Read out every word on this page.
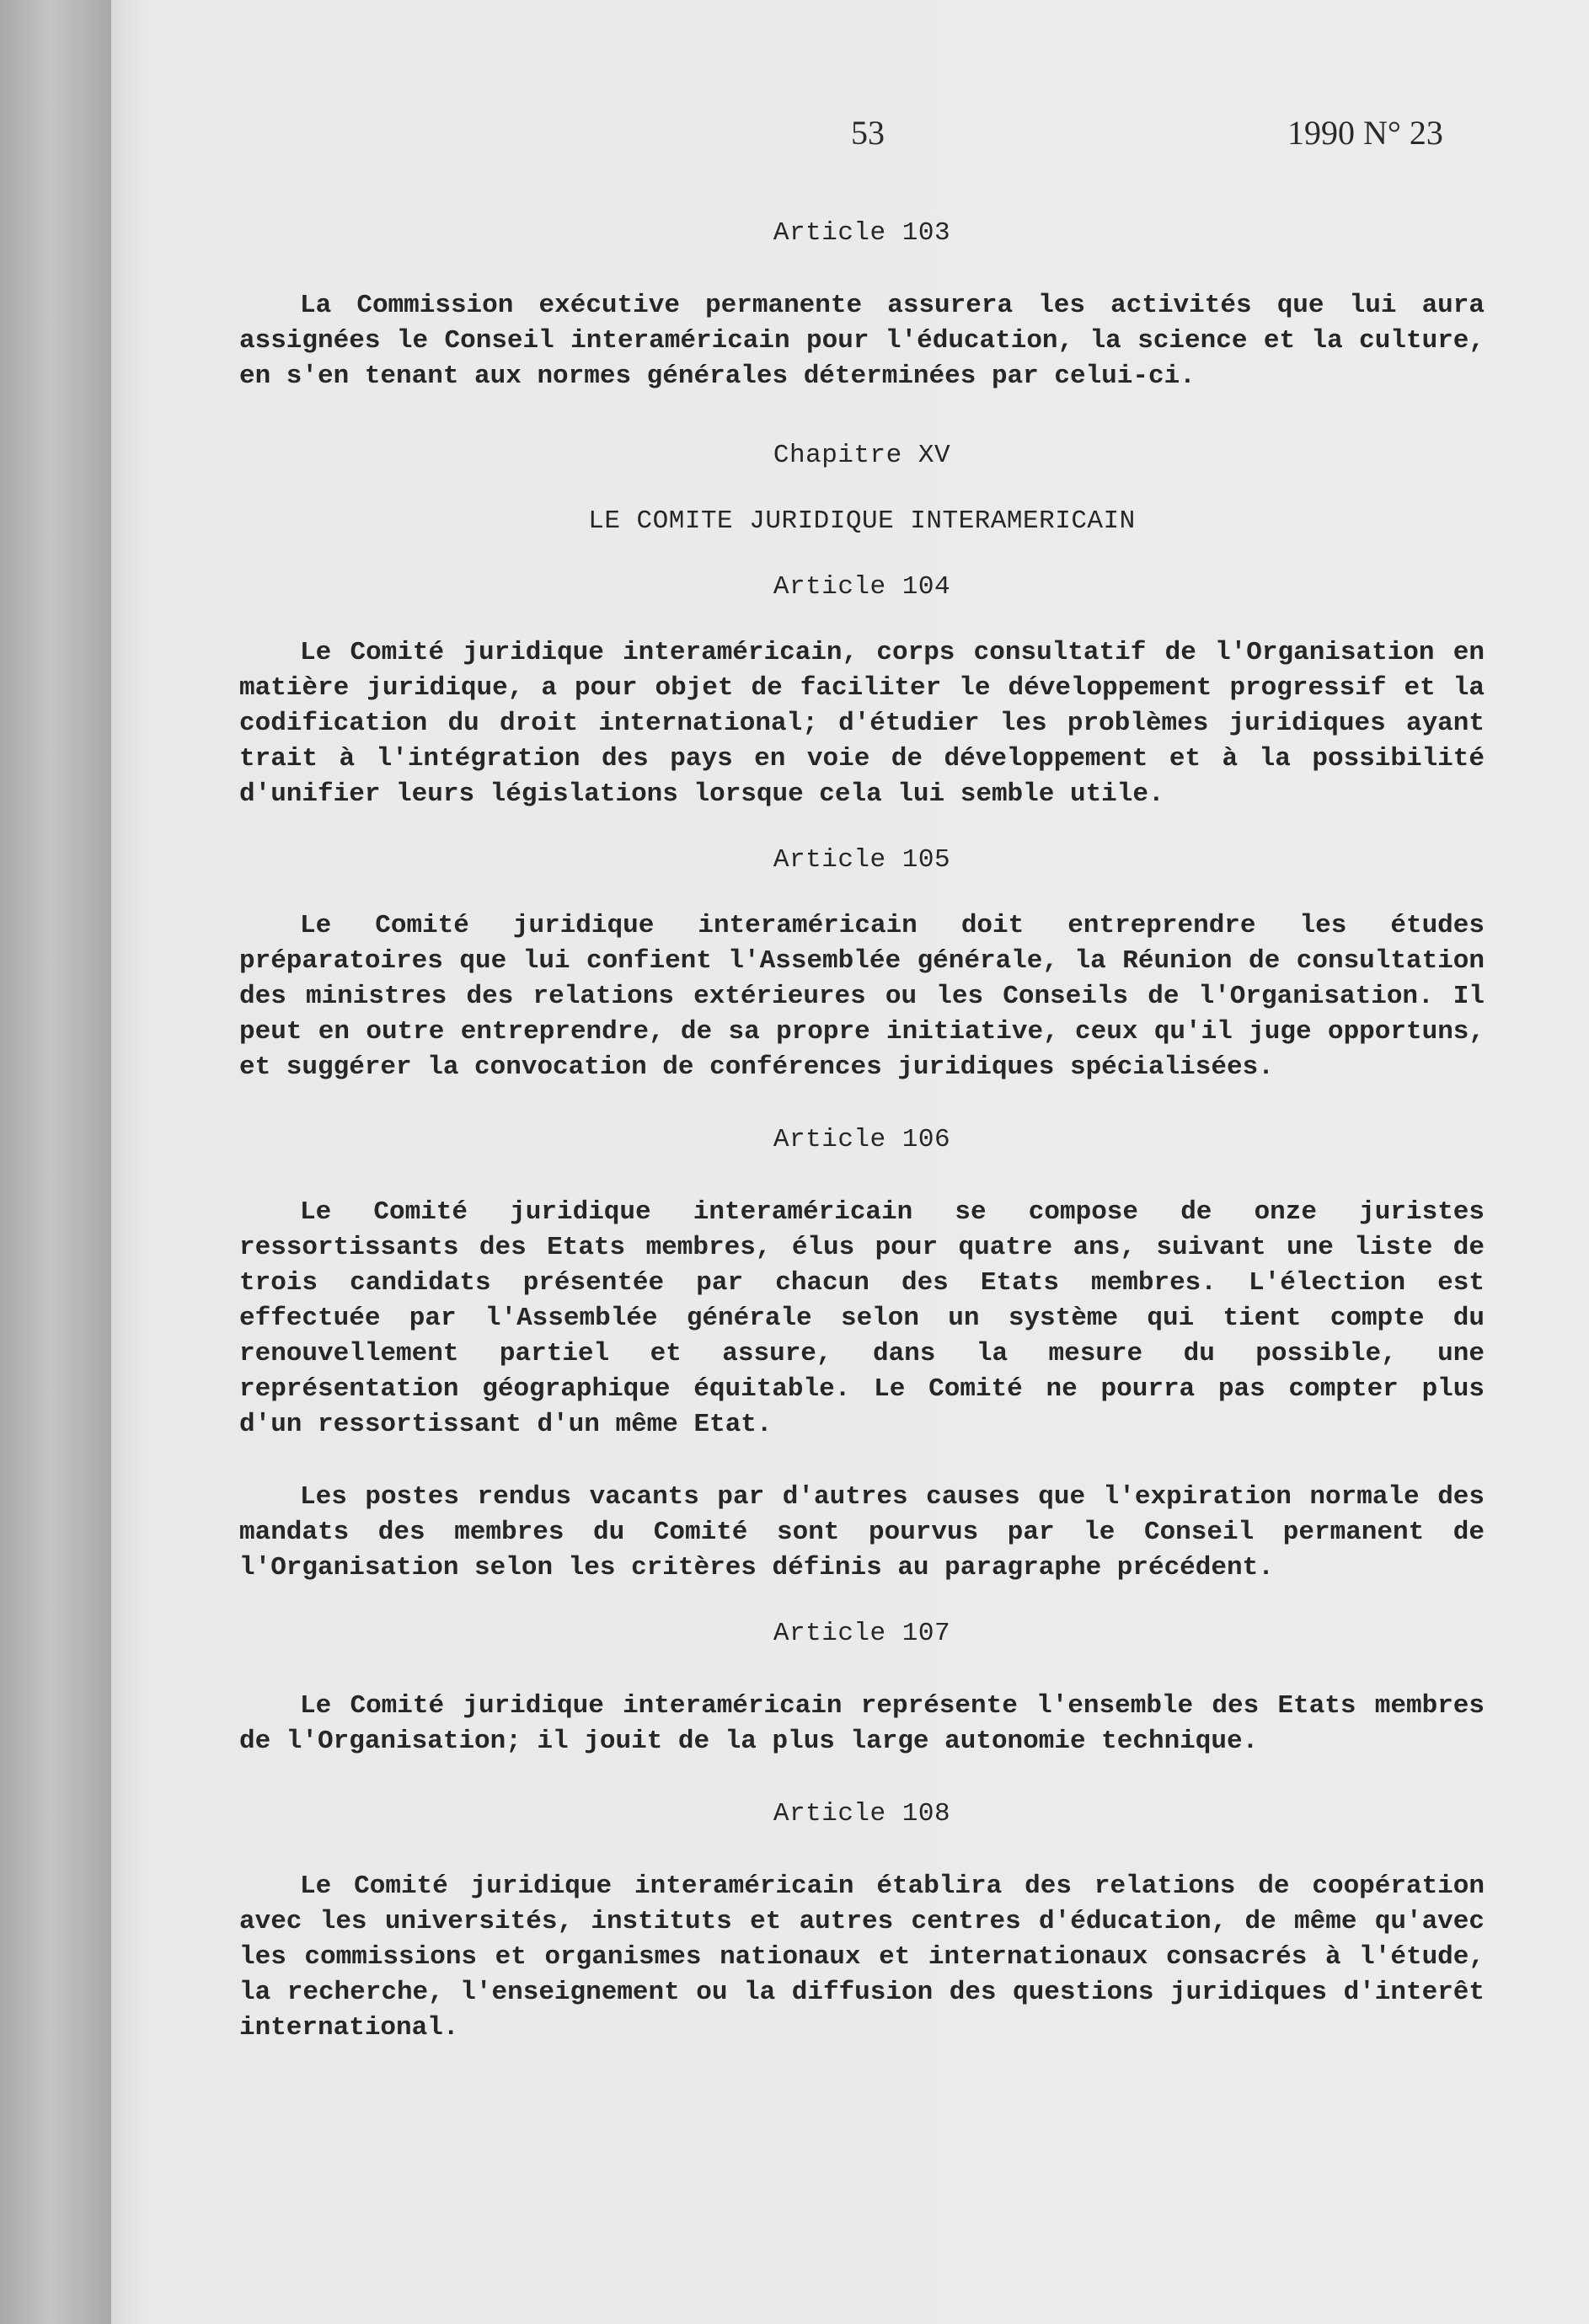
53	1990 N° 23
Article 103

La Commission exécutive permanente assurera les activités que lui aura assignées le Conseil interaméricain pour l'éducation, la science et la culture, en s'en tenant aux normes générales déterminées par celui-ci.

Chapitre XV
LE COMITE JURIDIQUE INTERAMERICAIN
Article 104

Le Comité juridique interaméricain, corps consultatif de l'Organisation en matière juridique, a pour objet de faciliter le développement progressif et la codification du droit international; d'étudier les problèmes juridiques ayant trait à l'intégration des pays en voie de développement et à la possibilité d'unifier leurs législations lorsque cela lui semble utile.

Article 105

Le Comité juridique interaméricain doit entreprendre les études préparatoires que lui confient l'Assemblée générale, la Réunion de consultation des ministres des relations extérieures ou les Conseils de l'Organisation. Il peut en outre entreprendre, de sa propre initiative, ceux qu'il juge opportuns, et suggérer la convocation de conférences juridiques spécialisées.

Article 106

Le Comité juridique interaméricain se compose de onze juristes ressortissants des Etats membres, élus pour quatre ans, suivant une liste de trois candidats présentée par chacun des Etats membres. L'élection est effectuée par l'Assemblée générale selon un système qui tient compte du renouvellement partiel et assure, dans la mesure du possible, une représentation géographique équitable. Le Comité ne pourra pas compter plus d'un ressortissant d'un même Etat.

Les postes rendus vacants par d'autres causes que l'expiration normale des mandats des membres du Comité sont pourvus par le Conseil permanent de l'Organisation selon les critères définis au paragraphe précédent.

Article 107

Le Comité juridique interaméricain représente l'ensemble des Etats membres de l'Organisation; il jouit de la plus large autonomie technique.

Article 108

Le Comité juridique interaméricain établira des relations de coopération avec les universités, instituts et autres centres d'éducation, de même qu'avec les commissions et organismes nationaux et internationaux consacrés à l'étude, la recherche, l'enseignement ou la diffusion des questions juridiques d'interêt international.
